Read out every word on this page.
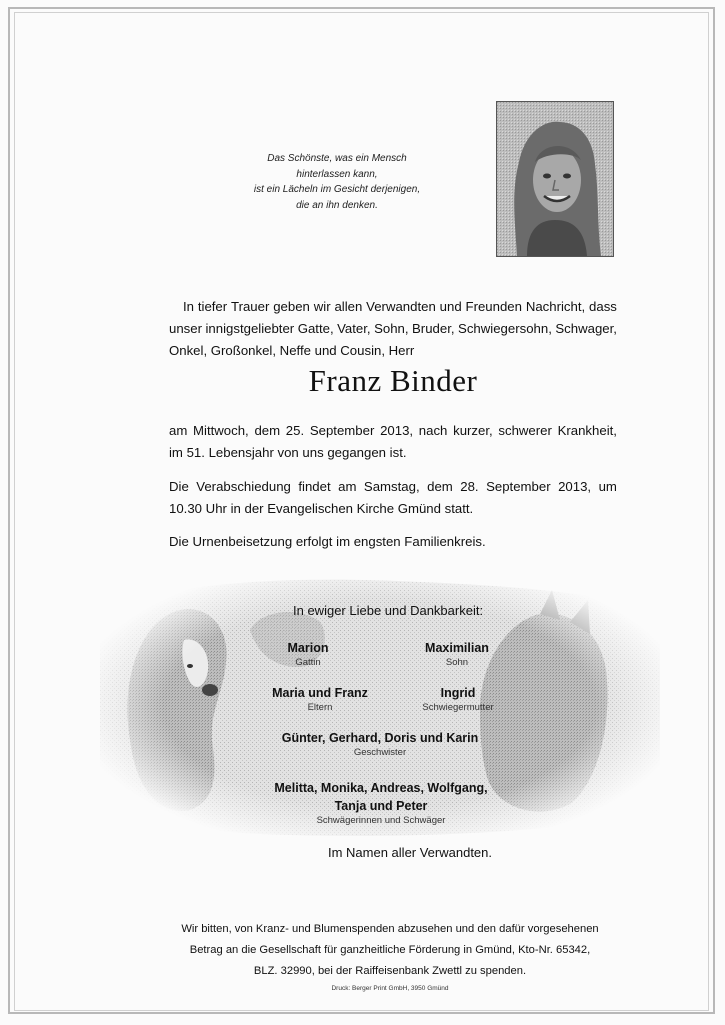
Das Schönste, was ein Mensch
hinterlassen kann,
ist ein Lächeln im Gesicht derjenigen,
die an ihn denken.
In tiefer Trauer geben wir allen Verwandten und Freunden Nachricht, dass
unser innigstgeliebter Gatte, Vater, Sohn, Bruder, Schwiegersohn, Schwager,
Onkel, Großonkel, Neffe und Cousin, Herr
Franz Binder
am Mittwoch, dem 25. September 2013, nach kurzer, schwerer Krankheit,
im 51. Lebensjahr von uns gegangen ist.
Die Verabschiedung findet am Samstag, dem 28. September 2013, um
10.30 Uhr in der Evangelischen Kirche Gmünd statt.
Die Urnenbeisetzung erfolgt im engsten Familienkreis.
In ewiger Liebe und Dankbarkeit:
Marion
Gattin
Maximilian
Sohn
Maria und Franz
Eltern
Ingrid
Schwiegermutter
Günter, Gerhard, Doris und Karin
Geschwister
Melitta, Monika, Andreas, Wolfgang,
Tanja und Peter
Schwägerinnen und Schwäger
Im Namen aller Verwandten.
Wir bitten, von Kranz- und Blumenspenden abzusehen und den dafür vorgesehenen
Betrag an die Gesellschaft für ganzheitliche Förderung in Gmünd, Kto-Nr. 65342,
BLZ. 32990, bei der Raiffeisenbank Zwettl zu spenden.
Druck: Berger Print GmbH, 3950 Gmünd
